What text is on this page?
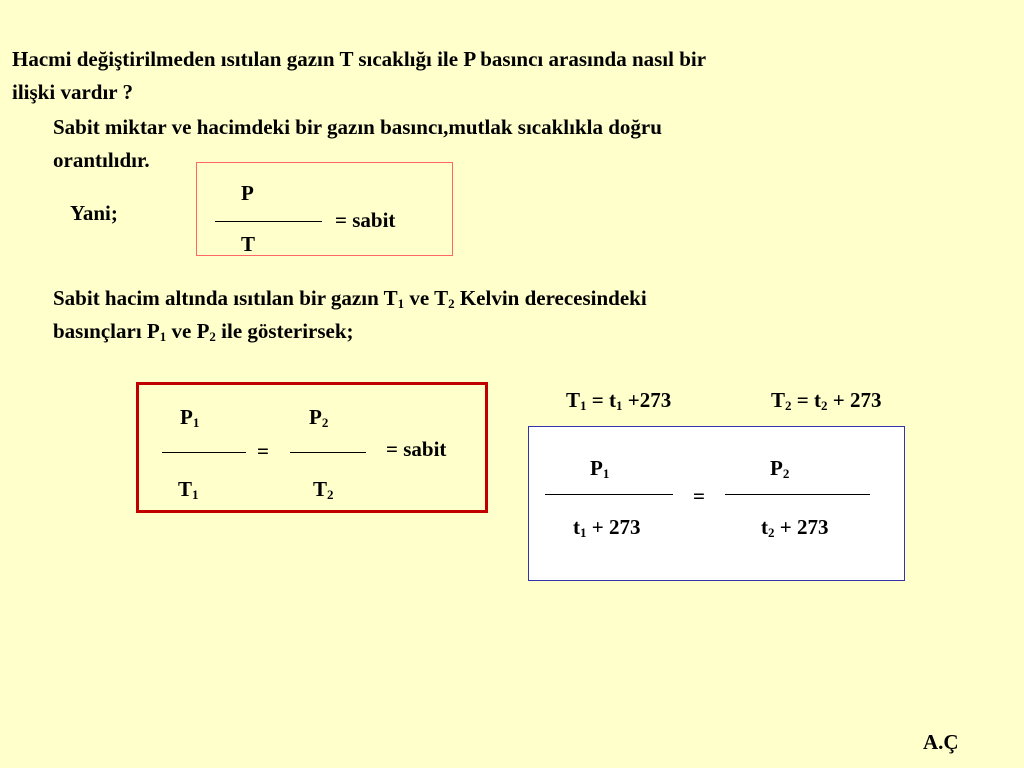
Hacmi değiştirilmeden ısıtılan gazın T sıcaklığı ile P basıncı arasında nasıl bir
ilişki vardır ?
Sabit miktar ve hacimdeki bir gazın basıncı,mutlak sıcaklıkla doğru
orantılıdır.
Yani;
P
= sabit
T
Sabit hacim altında ısıtılan bir gazın $T_1$ ve $T_2$ Kelvin derecesindeki
basınçları $P_1$ ve $P_2$ ile gösterirsek;
$P_1$	$P_2$
=	= sabit
$T_1$	$T_2$
$T_1 = t_1 +273$	$T_2 = t_2 + 273$
$P_1$	$P_2$
=
$t_1 + 273$	$t_2 + 273$
A.Ç
